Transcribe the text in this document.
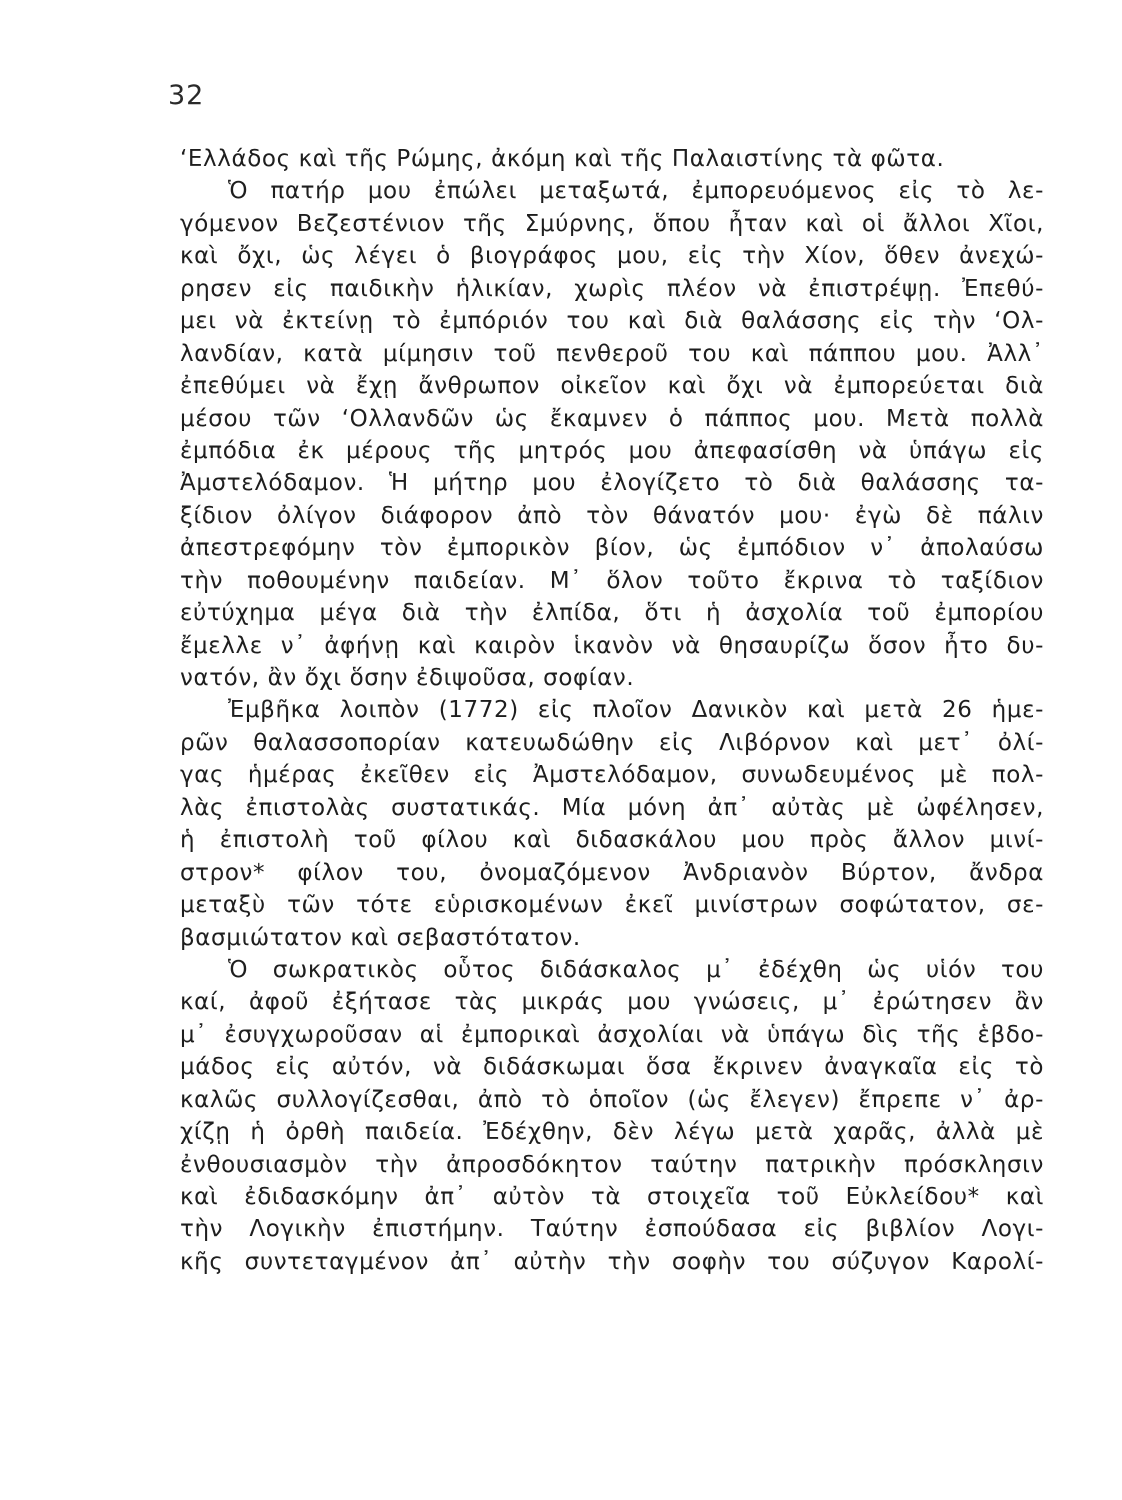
32
‘Ελλάδος καὶ τῆς Ρώμης, ἀκόμη καὶ τῆς Παλαιστίνης τὰ φῶτα.
Ὁ πατήρ μου ἐπώλει μεταξωτά, ἐμπορευόμενος εἰς τὸ λε-
γόμενον Βεζεστένιον τῆς Σμύρνης, ὅπου ἦταν καὶ οἱ ἄλλοι Χῖοι,
καὶ ὄχι, ὡς λέγει ὁ βιογράφος μου, εἰς τὴν Χίον, ὅθεν ἀνεχώ-
ρησεν εἰς παιδικὴν ἡλικίαν, χωρὶς πλέον νὰ ἐπιστρέψῃ. Ἐπεθύ-
μει νὰ ἐκτείνῃ τὸ ἐμπόριόν του καὶ διὰ θαλάσσης εἰς τὴν ‘Ολ-
λανδίαν, κατὰ μίμησιν τοῦ πενθεροῦ του καὶ πάππου μου. Ἀλλ᾿
ἐπεθύμει νὰ ἔχῃ ἄνθρωπον οἰκεῖον καὶ ὄχι νὰ ἐμπορεύεται διὰ
μέσου τῶν ‘Ολλανδῶν ὡς ἔκαμνεν ὁ πάππος μου. Μετὰ πολλὰ
ἐμπόδια ἐκ μέρους τῆς μητρός μου ἀπεφασίσθη νὰ ὑπάγω εἰς
Ἀμστελόδαμον. Ἡ μήτηρ μου ἐλογίζετο τὸ διὰ θαλάσσης τα-
ξίδιον ὀλίγον διάφορον ἀπὸ τὸν θάνατόν μου· ἐγὼ δὲ πάλιν
ἀπεστρεφόμην τὸν ἐμπορικὸν βίον, ὡς ἐμπόδιον ν᾿ ἀπολαύσω
τὴν ποθουμένην παιδείαν. Μ᾿ ὅλον τοῦτο ἔκρινα τὸ ταξίδιον
εὐτύχημα μέγα διὰ τὴν ἐλπίδα, ὅτι ἡ ἀσχολία τοῦ ἐμπορίου
ἔμελλε ν᾿ ἀφήνῃ καὶ καιρὸν ἱκανὸν νὰ θησαυρίζω ὅσον ἦτο δυ-
νατόν, ἂν ὄχι ὅσην ἐδιψοῦσα, σοφίαν.
Ἐμβῆκα λοιπὸν (1772) εἰς πλοῖον Δανικὸν καὶ μετὰ 26 ἡμε-
ρῶν θαλασσοπορίαν κατευωδώθην εἰς Λιβόρνον καὶ μετ᾿ ὀλί-
γας ἡμέρας ἐκεῖθεν εἰς Ἀμστελόδαμον, συνωδευμένος μὲ πολ-
λὰς ἐπιστολὰς συστατικάς. Μία μόνη ἀπ᾿ αὐτὰς μὲ ὠφέλησεν,
ἡ ἐπιστολὴ τοῦ φίλου καὶ διδασκάλου μου πρὸς ἄλλον μινί-
στρον* φίλον του, ὀνομαζόμενον Ἀνδριανὸν Βύρτον, ἄνδρα
μεταξὺ τῶν τότε εὑρισκομένων ἐκεῖ μινίστρων σοφώτατον, σε-
βασμιώτατον καὶ σεβαστότατον.
Ὁ σωκρατικὸς οὗτος διδάσκαλος μ᾿ ἐδέχθη ὡς υἱόν του
καί, ἀφοῦ ἐξήτασε τὰς μικράς μου γνώσεις, μ᾿ ἐρώτησεν ἂν
μ᾿ ἐσυγχωροῦσαν αἱ ἐμπορικαὶ ἀσχολίαι νὰ ὑπάγω δὶς τῆς ἑβδο-
μάδος εἰς αὐτόν, νὰ διδάσκωμαι ὅσα ἔκρινεν ἀναγκαῖα εἰς τὸ
καλῶς συλλογίζεσθαι, ἀπὸ τὸ ὁποῖον (ὡς ἔλεγεν) ἔπρεπε ν᾿ ἀρ-
χίζῃ ἡ ὀρθὴ παιδεία. Ἐδέχθην, δὲν λέγω μετὰ χαρᾶς, ἀλλὰ μὲ
ἐνθουσιασμὸν τὴν ἀπροσδόκητον ταύτην πατρικὴν πρόσκλησιν
καὶ ἐδιδασκόμην ἀπ᾿ αὐτὸν τὰ στοιχεῖα τοῦ Εὐκλείδου* καὶ
τὴν Λογικὴν ἐπιστήμην. Ταύτην ἐσπούδασα εἰς βιβλίον Λογι-
κῆς συντεταγμένον ἀπ᾿ αὐτὴν τὴν σοφὴν του σύζυγον Καρολί-
